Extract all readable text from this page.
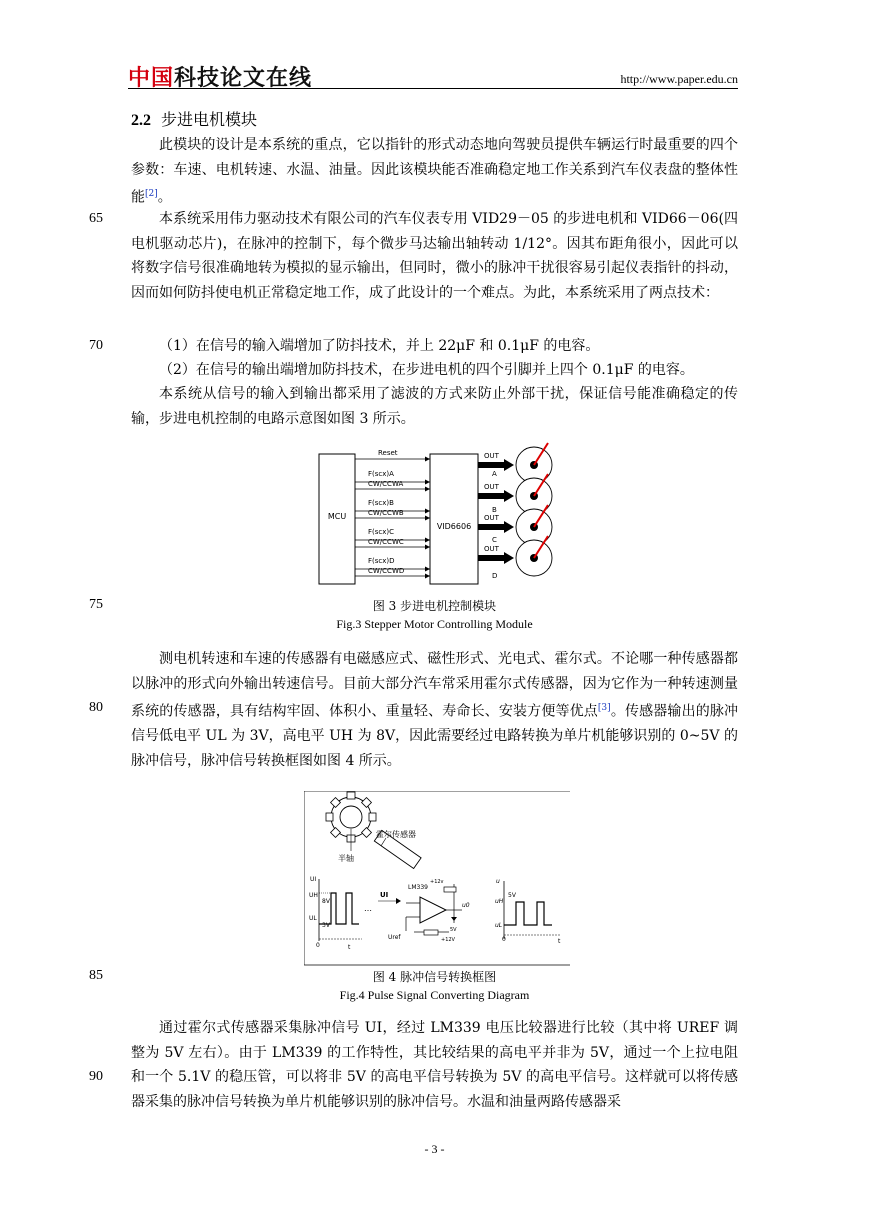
中国科技论文在线	http://www.paper.edu.cn
2.2 步进电机模块
此模块的设计是本系统的重点，它以指针的形式动态地向驾驶员提供车辆运行时最重要的四个参数：车速、电机转速、水温、油量。因此该模块能否准确稳定地工作关系到汽车仪表盘的整体性能[2]。
本系统采用伟力驱动技术有限公司的汽车仪表专用 VID29－05 的步进电机和 VID66－06(四电机驱动芯片)，在脉冲的控制下，每个微步马达输出轴转动 1/12°。因其布距角很小，因此可以将数字信号很准确地转为模拟的显示输出，但同时，微小的脉冲干扰很容易引起仪表指针的抖动，因而如何防抖使电机正常稳定地工作，成了此设计的一个难点。为此，本系统采用了两点技术：
（1）在信号的输入端增加了防抖技术，并上 22μF 和 0.1μF 的电容。
（2）在信号的输出端增加防抖技术，在步进电机的四个引脚并上四个 0.1μF 的电容。
本系统从信号的输入到输出都采用了滤波的方式来防止外部干扰，保证信号能准确稳定的传输，步进电机控制的电路示意图如图 3 所示。
MCU
VID6606
Reset
F(scx)A
CW/CCWA
F(scx)B
CW/CCWB
F(scx)C
CW/CCWC
F(scx)D
CW/CCWD
OUT
A
OUT
B
OUT
C
OUT
D
图 3 步进电机控制模块
Fig.3 Stepper Motor Controlling Module
测电机转速和车速的传感器有电磁感应式、磁性形式、光电式、霍尔式。不论哪一种传感器都以脉冲的形式向外输出转速信号。目前大部分汽车常采用霍尔式传感器，因为它作为一种转速测量系统的传感器，具有结构牢固、体积小、重量轻、寿命长、安装方便等优点[3]。传感器输出的脉冲信号低电平 UL 为 3V，高电平 UH 为 8V，因此需要经过电路转换为单片机能够识别的 0~5V 的脉冲信号，脉冲信号转换框图如图 4 所示。
半轴
霍尔传感器
UI
UH
8V
UL
3V
0	t
…
UI
LM339
+12v
u0
5V
Uref	+12V
u
uH
uL
5V
0	t
图 4 脉冲信号转换框图
Fig.4 Pulse Signal Converting Diagram
通过霍尔式传感器采集脉冲信号 UI，经过 LM339 电压比较器进行比较（其中将 UREF 调整为 5V 左右）。由于 LM339 的工作特性，其比较结果的高电平并非为 5V，通过一个上拉电阻和一个 5.1V 的稳压管，可以将非 5V 的高电平信号转换为 5V 的高电平信号。这样就可以将传感器采集的脉冲信号转换为单片机能够识别的脉冲信号。水温和油量两路传感器采
65
70
75
80
85
90
- 3 -
